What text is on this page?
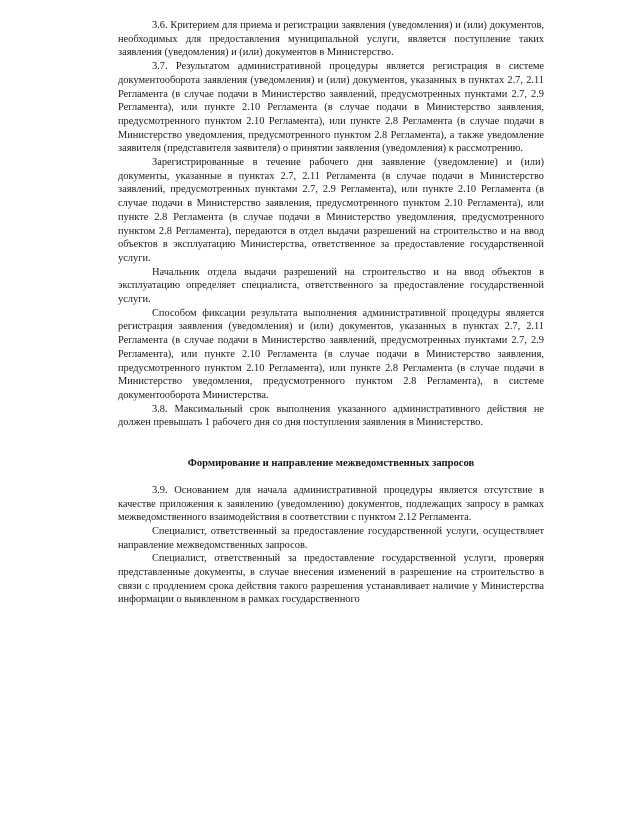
3.6. Критерием для приема и регистрации заявления (уведомления) и (или) документов, необходимых для предоставления муниципальной услуги, является поступление таких заявления (уведомления) и (или) документов в Министерство.

3.7. Результатом административной процедуры является регистрация в системе документооборота заявления (уведомления) и (или) документов, указанных в пунктах 2.7, 2.11 Регламента (в случае подачи в Министерство заявлений, предусмотренных пунктами 2.7, 2.9 Регламента), или пункте 2.10 Регламента (в случае подачи в Министерство заявления, предусмотренного пунктом 2.10 Регламента), или пункте 2.8 Регламента (в случае подачи в Министерство уведомления, предусмотренного пунктом 2.8 Регламента), а также уведомление заявителя (представителя заявителя) о принятии заявления (уведомления) к рассмотрению.

Зарегистрированные в течение рабочего дня заявление (уведомление) и (или) документы, указанные в пунктах 2.7, 2.11 Регламента (в случае подачи в Министерство заявлений, предусмотренных пунктами 2.7, 2.9 Регламента), или пункте 2.10 Регламента (в случае подачи в Министерство заявления, предусмотренного пунктом 2.10 Регламента), или пункте 2.8 Регламента (в случае подачи в Министерство уведомления, предусмотренного пунктом 2.8 Регламента), передаются в отдел выдачи разрешений на строительство и на ввод объектов в эксплуатацию Министерства, ответственное за предоставление государственной услуги.

Начальник отдела выдачи разрешений на строительство и на ввод объектов в эксплуатацию определяет специалиста, ответственного за предоставление государственной услуги.

Способом фиксации результата выполнения административной процедуры является регистрация заявления (уведомления) и (или) документов, указанных в пунктах 2.7, 2.11 Регламента (в случае подачи в Министерство заявлений, предусмотренных пунктами 2.7, 2.9 Регламента), или пункте 2.10 Регламента (в случае подачи в Министерство заявления, предусмотренного пунктом 2.10 Регламента), или пункте 2.8 Регламента (в случае подачи в Министерство уведомления, предусмотренного пунктом 2.8 Регламента), в системе документооборота Министерства.

3.8. Максимальный срок выполнения указанного административного действия не должен превышать 1 рабочего дня со дня поступления заявления в Министерство.

Формирование и направление межведомственных запросов

3.9. Основанием для начала административной процедуры является отсутствие в качестве приложения к заявлению (уведомлению) документов, подлежащих запросу в рамках межведомственного взаимодействия в соответствии с пунктом 2.12 Регламента.

Специалист, ответственный за предоставление государственной услуги, осуществляет направление межведомственных запросов.

Специалист, ответственный за предоставление государственной услуги, проверяя представленные документы, в случае внесения изменений в разрешение на строительство в связи с продлением срока действия такого разрешения устанавливает наличие у Министерства информации о выявленном в рамках государственного
